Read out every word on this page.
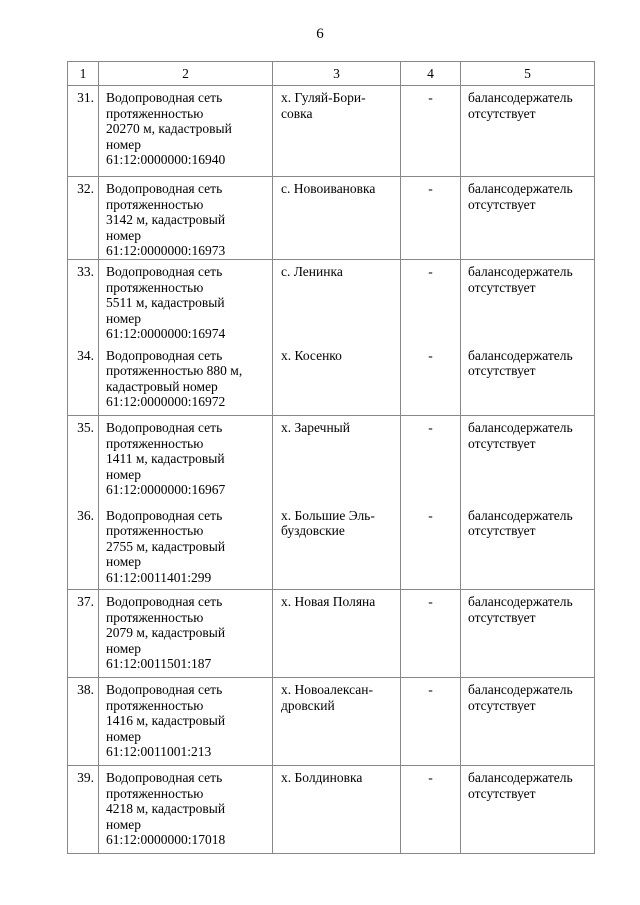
6
1	2	3	4	5

31.	Водопроводная сеть
протяженностью
20270 м, кадастровый
номер
61:12:0000000:16940	х. Гуляй-Бори-
совка	-	балансодержатель
отсутствует

32.	Водопроводная сеть
протяженностью
3142 м, кадастровый
номер
61:12:0000000:16973	с. Новоивановка	-	балансодержатель
отсутствует

33.	Водопроводная сеть
протяженностью
5511 м, кадастровый
номер
61:12:0000000:16974	с. Ленинка	-	балансодержатель
отсутствует

34.	Водопроводная сеть
протяженностью 880 м,
кадастровый номер
61:12:0000000:16972	х. Косенко	-	балансодержатель
отсутствует

35.	Водопроводная сеть
протяженностью
1411 м, кадастровый
номер
61:12:0000000:16967	х. Заречный	-	балансодержатель
отсутствует

36.	Водопроводная сеть
протяженностью
2755 м, кадастровый
номер
61:12:0011401:299	х. Большие Эль-
буздовские	-	балансодержатель
отсутствует

37.	Водопроводная сеть
протяженностью
2079 м, кадастровый
номер
61:12:0011501:187	х. Новая Поляна	-	балансодержатель
отсутствует

38.	Водопроводная сеть
протяженностью
1416 м, кадастровый
номер
61:12:0011001:213	х. Новоалексан-
дровский	-	балансодержатель
отсутствует

39.	Водопроводная сеть
протяженностью
4218 м, кадастровый
номер
61:12:0000000:17018	х. Болдиновка	-	балансодержатель
отсутствует
